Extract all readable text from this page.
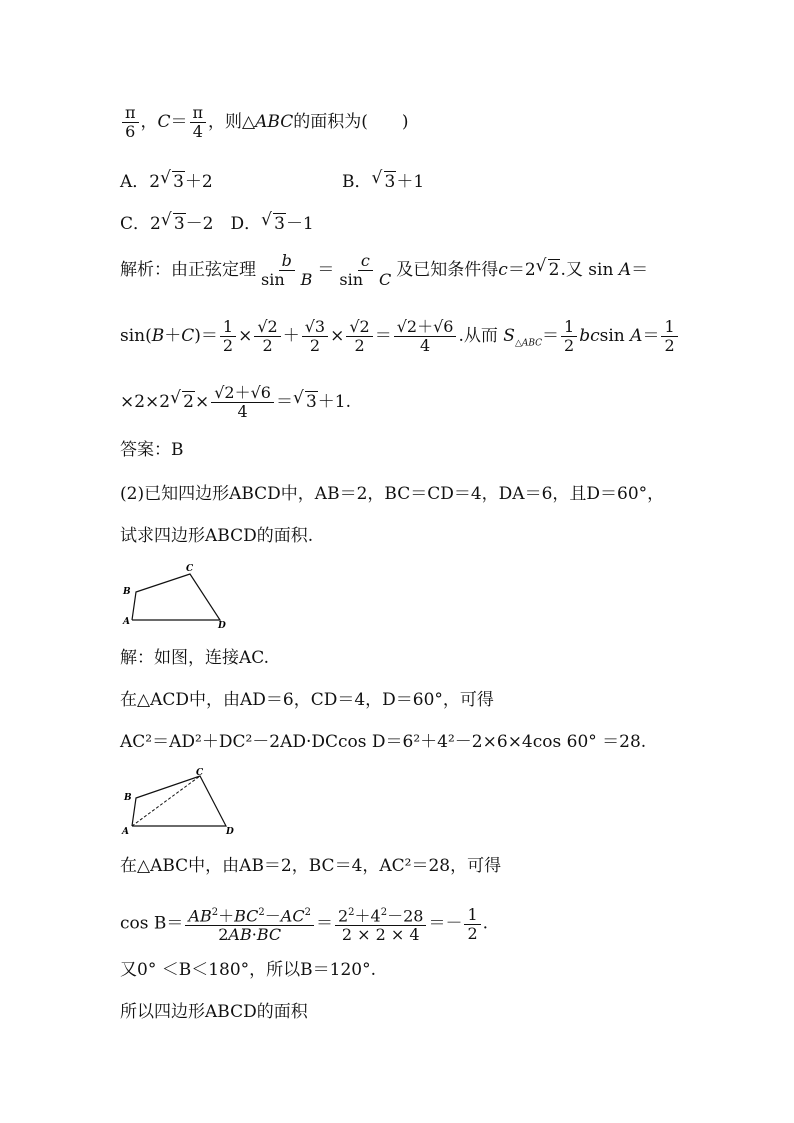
$\frac{\pi}{6}$ ，$C= \frac{\pi}{4}$ ，则△ABC的面积为(　　)
A．2 √ 3＋2	B． √ 3＋1
C．2 √ 3－2　D． √ 3－1
解析：由正弦定理 $\frac{b}{\text{sin　B}} = \frac{c}{\text{sin　C}}$ 及已知条件得c＝2 √ 2.又 sin A＝
$\sin(B+C)= \frac{1}{2} \times \frac{√2}{2} + \frac{√3}{2} \times \frac{√2}{2} = \frac{√2+√6}{4}$ .从而 $S_{\triangle ABC}= \frac{1}{2}$ bcsin $A= \frac{1}{2}$
×2×2 √ $2\times \frac{√2+√6}{4}$ ＝ √ 3＋1.
答案：B
(2)已知四边形ABCD中，AB＝2，BC＝CD＝4，DA＝6，且D＝60°，
试求四边形ABCD的面积.
B
C
A	D
解：如图，连接AC.
在△ACD中，由AD＝6，CD＝4，D＝60°，可得
AC²＝AD²＋DC²－2AD·DCcos D＝6²＋4²－2×6×4cos 60° ＝28.
B
C
A	D
在△ABC中，由AB＝2，BC＝4，AC²＝28，可得
$\cos B= \frac{AB^2+BC^2-AC^2}{2AB\cdot BC} = \frac{2^2+4^2-28}{2 \times 2 \times 4} =- \frac{1}{2}$ .
又0° ＜B＜180°，所以B＝120°.
所以四边形ABCD的面积
